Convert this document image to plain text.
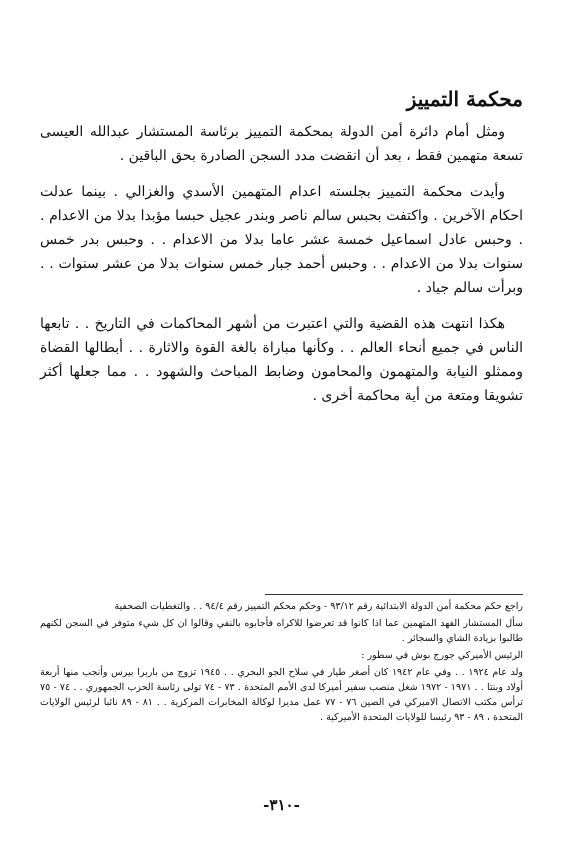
محكمة التمييز

ومثل أمام دائرة أمن الدولة بمحكمة التمييز برئاسة المستشار عبدالله العيسى تسعة متهمين فقط ، بعد أن انقضت مدد السجن الصادرة بحق الباقين .

وأيدت محكمة التمييز بجلسته اعدام المتهمين الأسدي والغزالي . بينما عدلت احكام الآخرين . واكتفت بحبس سالم ناصر وبندر عجيل حبسا مؤبدا بدلا من الاعدام . . وحبس عادل اسماعيل خمسة عشر عاما بدلا من الاعدام . . وحبس بدر خمس سنوات بدلا من الاعدام . . وحبس أحمد جبار خمس سنوات بدلا من عشر سنوات . . وبرأت سالم جياد .

هكذا انتهت هذه القضية والتي اعتبرت من أشهر المحاكمات في التاريخ . . تابعها الناس في جميع أنحاء العالم . . وكأنها مباراة بالغة القوة والاثارة . . أبطالها القضاة وممثلو النيابة والمتهمون والمحامون وضابط المباحث والشهود . . مما جعلها أكثر تشويقا ومتعة من أية محاكمة أخرى .

راجع حكم محكمة أمن الدولة الابتدائية رقم ٩٣/١٢ - وحكم محكم التمييز رقم ٩٤/٤ . . والتغطيات الصحفية

سأل المستشار الفهد المتهمين عما اذا كانوا قد تعرضوا للاكراه فأجابوه بالنفي وقالوا ان كل شيء متوفر في السجن لكنهم طالبوا بزيادة الشاي والسجائر .

الرئيس الأميركي جورج بوش في سطور :

ولد عام ١٩٢٤ . . وفي عام ١٩٤٢ كان أصغر طيار في سلاح الجو البحري . . ١٩٤٥ تزوج من باربرا بيرس وأنجب منها أربعة أولاد وبنتا . . ١٩٧١ - ١٩٧٢ شغل منصب سفير أميركا لدى الأمم المتحدة . ٧٣ - ٧٤ تولى رئاسة الحزب الجمهوري . . ٧٤ - ٧٥ ترأس مكتب الاتصال الاميركي في الصين ٧٦ - ٧٧ عمل مديرا لوكالة المخابرات المركزية . . ٨١ - ٨٩ نائبا لرئيس الولايات المتحدة ، ٨٩ - ٩٣ رئيسا للولايات المتحدة الأميركية .

-٣١٠-
